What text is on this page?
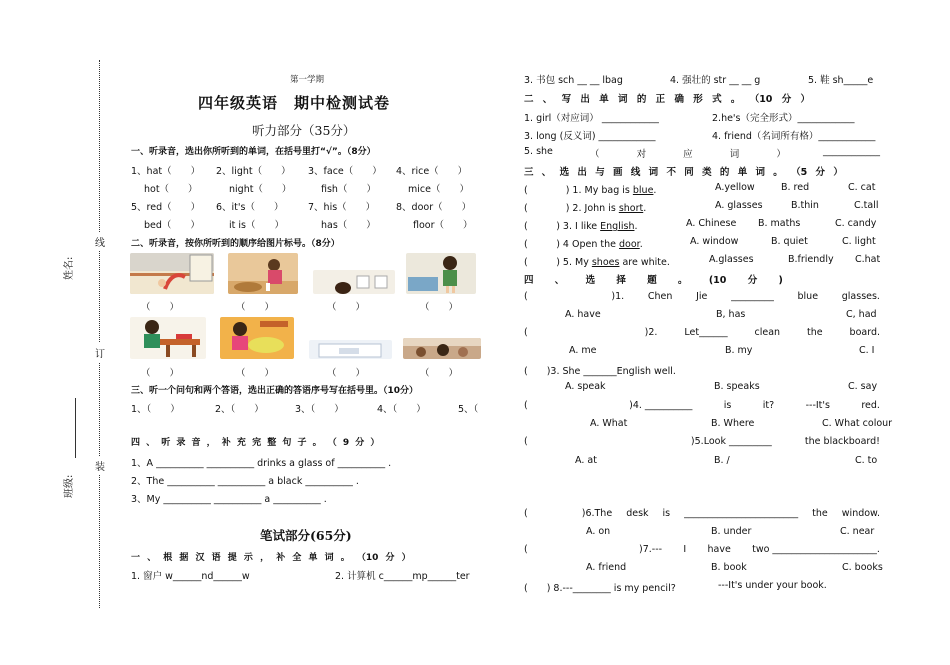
线
订
装
姓名:
班级:
第一学期
四年级英语　期中检测试卷
听力部分（35分）
一、听录音，选出你所听到的单词，在括号里打“√”。（8分）
1、hat（　　） 2、light（　　） 3、face（　　） 4、rice（　　）
hot（　　）	night（　　）	fish（　　）	mice（　　）
5、red（　　） 6、it's（　　）	7、his（　　） 8、door（　　）
bed（　　）	it is（　　）	has（　　）	floor（　　）
二、听录音，按你所听到的顺序给图片标号。（8分）
（　　）	（　　）	（　　）	（　　）
（　　）	（　　）	（　　）	（　　）
三、听一个问句和两个答语，选出正确的答语序号写在括号里。（10分）
1、（　　）	2、（　　）	3、（　　）	4、（　　）	5、（
四 、 听 录 音 ， 补 充 完 整 句 子 。 （ 9 分 ）
1、A __________ __________ drinks a glass of __________ .
2、The __________ __________ a black __________ .
3、My __________ __________ a __________ .
笔试部分(65分)
一 、 根 据 汉 语 提 示 ， 补 全 单 词 。 （10 分 ）
1. 窗户 w______nd______w	2. 计算机 c______mp______ter
3. 书包 sch __ __ lbag	4. 强壮的 str __ __ g	5. 鞋 sh_____e
二 、 写 出 单 词 的 正 确 形 式 。 （10 分 ）
1. girl（对应词） ____________	2.he's（完全形式）____________
3. long (反义词) ____________	4. friend（名词所有格）____________
5. she	（	对	应	词	）	____________
三 、 选 出 与 画 线 词 不 同 类 的 单 词 。 （5 分 ）
(　　　　) 1. My bag is blue.	A.yellow	B. red	C. cat
(　　　　) 2. John is short.	A. glasses	B.thin	C.tall
(　　　) 3. I like English.	A. Chinese B. maths	C. candy
(　　　) 4 Open the door.	A. window	B. quiet	C. light
(　　　) 5. My shoes are white.	A.glasses	B.friendly C.hat
四 、 选 择 题 。 (10 分 )
(	)1. Chen Jie _________ blue glasses.
A. have	B, has	C, had
(	)2.	Let______	clean	the	board.
A. me	B. my	C. I
(　　)3. She _______English well.
A. speak	B. speaks	C. say
(	)4. __________	is	it?	---It's	red.
A. What	B. Where	C. What colour
(	)5.Look _________	the blackboard!
A. at	B. /	C. to
(	)6.The desk is ________________________ the window.
A. on	B. under	C. near
(	)7.--- I have two ______________________.
A. friend	B. book	C. books
(　　) 8.---________ is my pencil?	---It's under your book.
